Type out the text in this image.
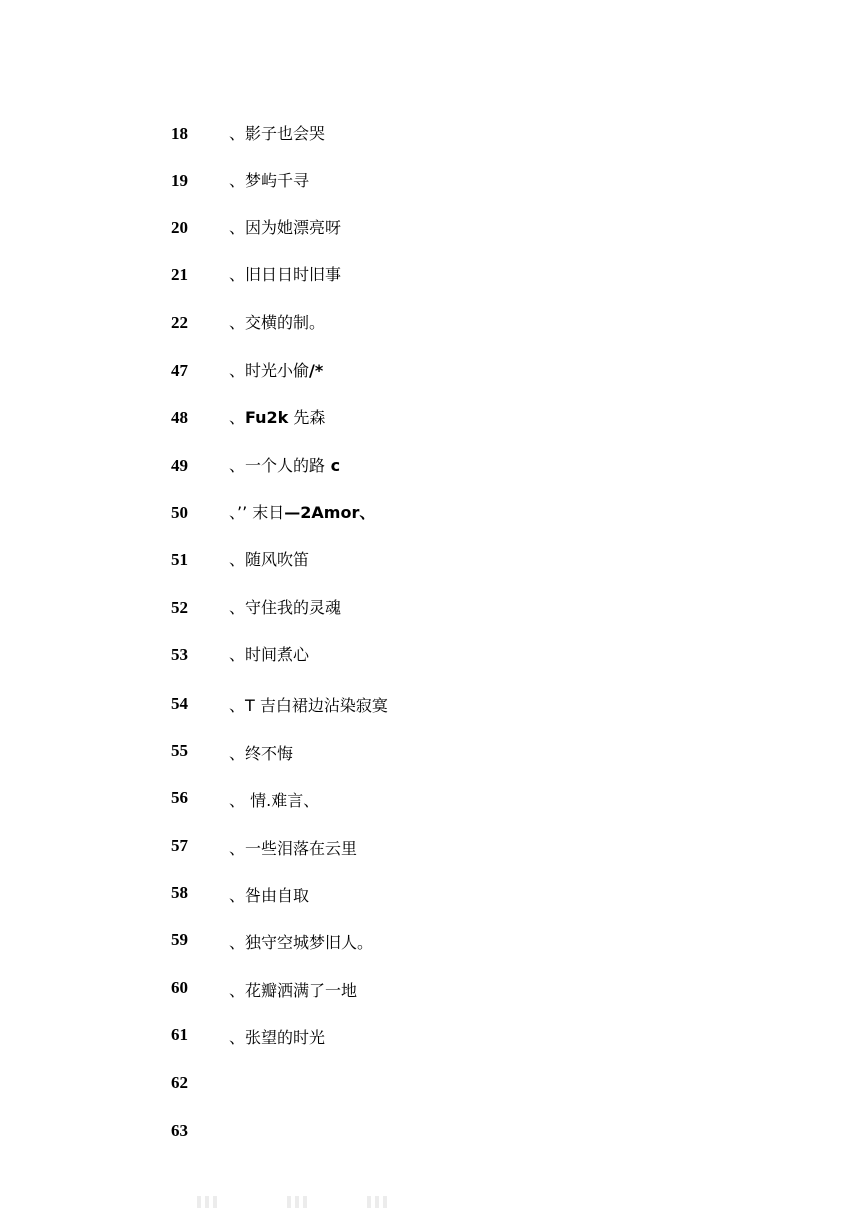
18	、影子也会哭
19	、梦屿千寻
20	、因为她漂亮呀
21	、旧日日时旧事
22	、交横的制。
47	、时光小偷/*
48	、Fu2k 先森
49	、一个人的路 c
50	、’’ 末日—2Amor、
51	、随风吹笛
52	、守住我的灵魂
53	、时间煮心
54	、T 吉白裙边沾染寂寞
55	、终不悔
56	、 情.难言、
57	、一些泪落在云里
58	、咎由自取
59	、独守空城梦旧人。
60	、花瓣洒满了一地
61	、张望的时光
62
63
